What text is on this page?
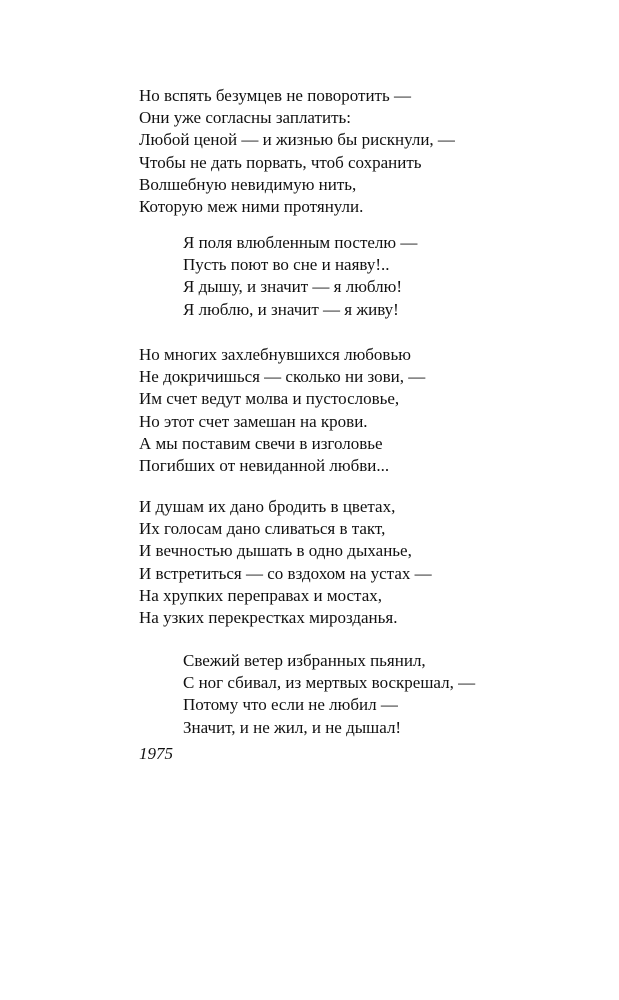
Но вспять безумцев не поворотить —
Они уже согласны заплатить:
Любой ценой — и жизнью бы рискнули, —
Чтобы не дать порвать, чтоб сохранить
Волшебную невидимую нить,
Которую меж ними протянули.
Я поля влюбленным постелю —
Пусть поют во сне и наяву!..
Я дышу, и значит — я люблю!
Я люблю, и значит — я живу!
Но многих захлебнувшихся любовью
Не докричишься — сколько ни зови, —
Им счет ведут молва и пустословье,
Но этот счет замешан на крови.
А мы поставим свечи в изголовье
Погибших от невиданной любви...
И душам их дано бродить в цветах,
Их голосам дано сливаться в такт,
И вечностью дышать в одно дыханье,
И встретиться — со вздохом на устах —
На хрупких переправах и мостах,
На узких перекрестках мирозданья.
Свежий ветер избранных пьянил,
С ног сбивал, из мертвых воскрешал, —
Потому что если не любил —
Значит, и не жил, и не дышал!
1975
